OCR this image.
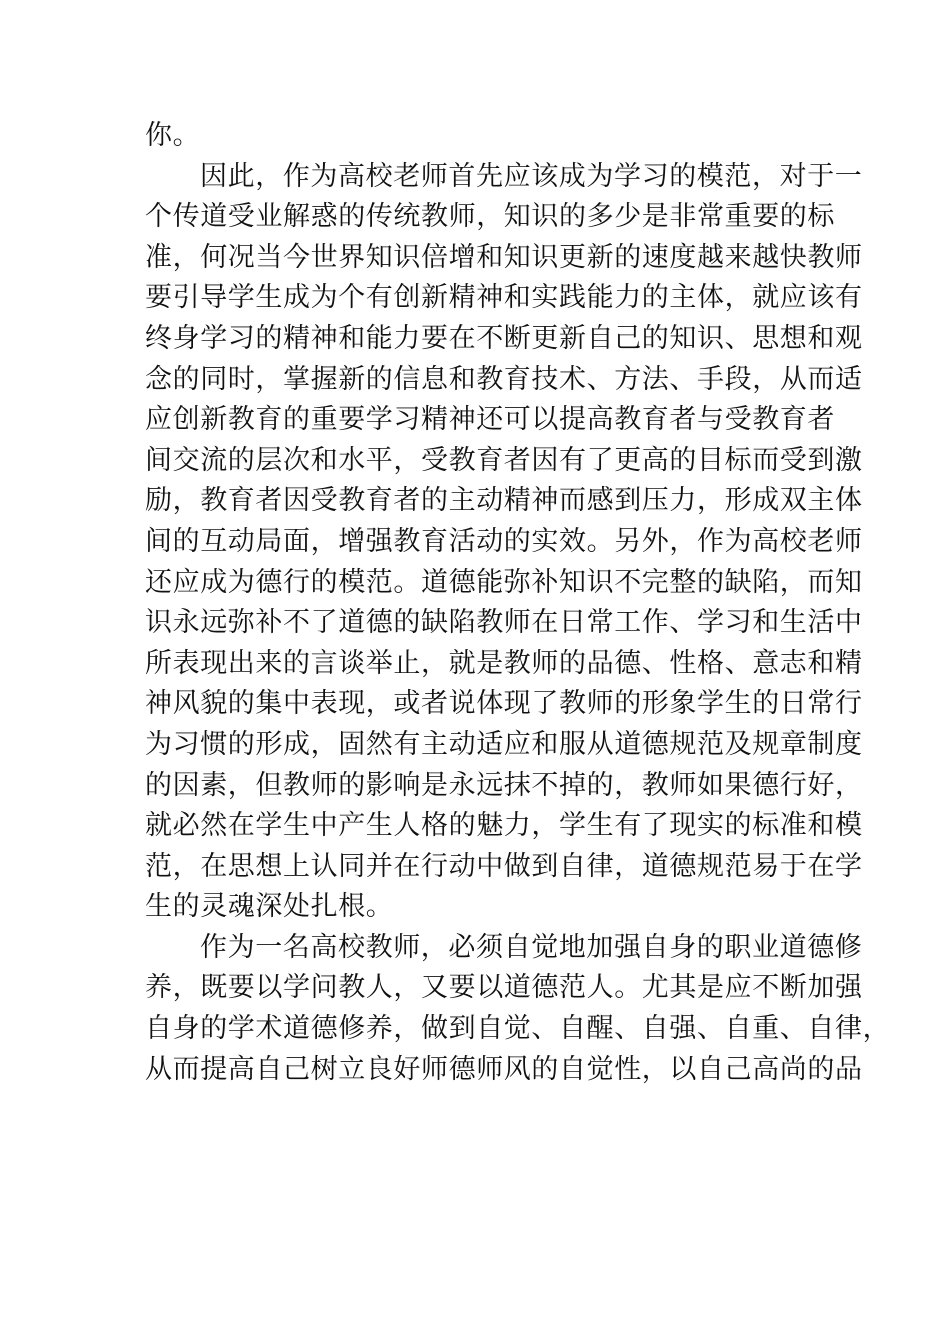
你。
因此，作为高校老师首先应该成为学习的模范，对于一
个传道受业解惑的传统教师，知识的多少是非常重要的标
准，何况当今世界知识倍增和知识更新的速度越来越快教师
要引导学生成为个有创新精神和实践能力的主体，就应该有
终身学习的精神和能力要在不断更新自己的知识、思想和观
念的同时，掌握新的信息和教育技术、方法、手段，从而适
应创新教育的重要学习精神还可以提高教育者与受教育者
间交流的层次和水平，受教育者因有了更高的目标而受到激
励，教育者因受教育者的主动精神而感到压力，形成双主体
间的互动局面，增强教育活动的实效。另外，作为高校老师
还应成为德行的模范。道德能弥补知识不完整的缺陷，而知
识永远弥补不了道德的缺陷教师在日常工作、学习和生活中
所表现出来的言谈举止，就是教师的品德、性格、意志和精
神风貌的集中表现，或者说体现了教师的形象学生的日常行
为习惯的形成，固然有主动适应和服从道德规范及规章制度
的因素，但教师的影响是永远抹不掉的，教师如果德行好，
就必然在学生中产生人格的魅力，学生有了现实的标准和模
范，在思想上认同并在行动中做到自律，道德规范易于在学
生的灵魂深处扎根。
作为一名高校教师，必须自觉地加强自身的职业道德修
养，既要以学问教人，又要以道德范人。尤其是应不断加强
自身的学术道德修养，做到自觉、自醒、自强、自重、自律，
从而提高自己树立良好师德师风的自觉性，以自己高尚的品
